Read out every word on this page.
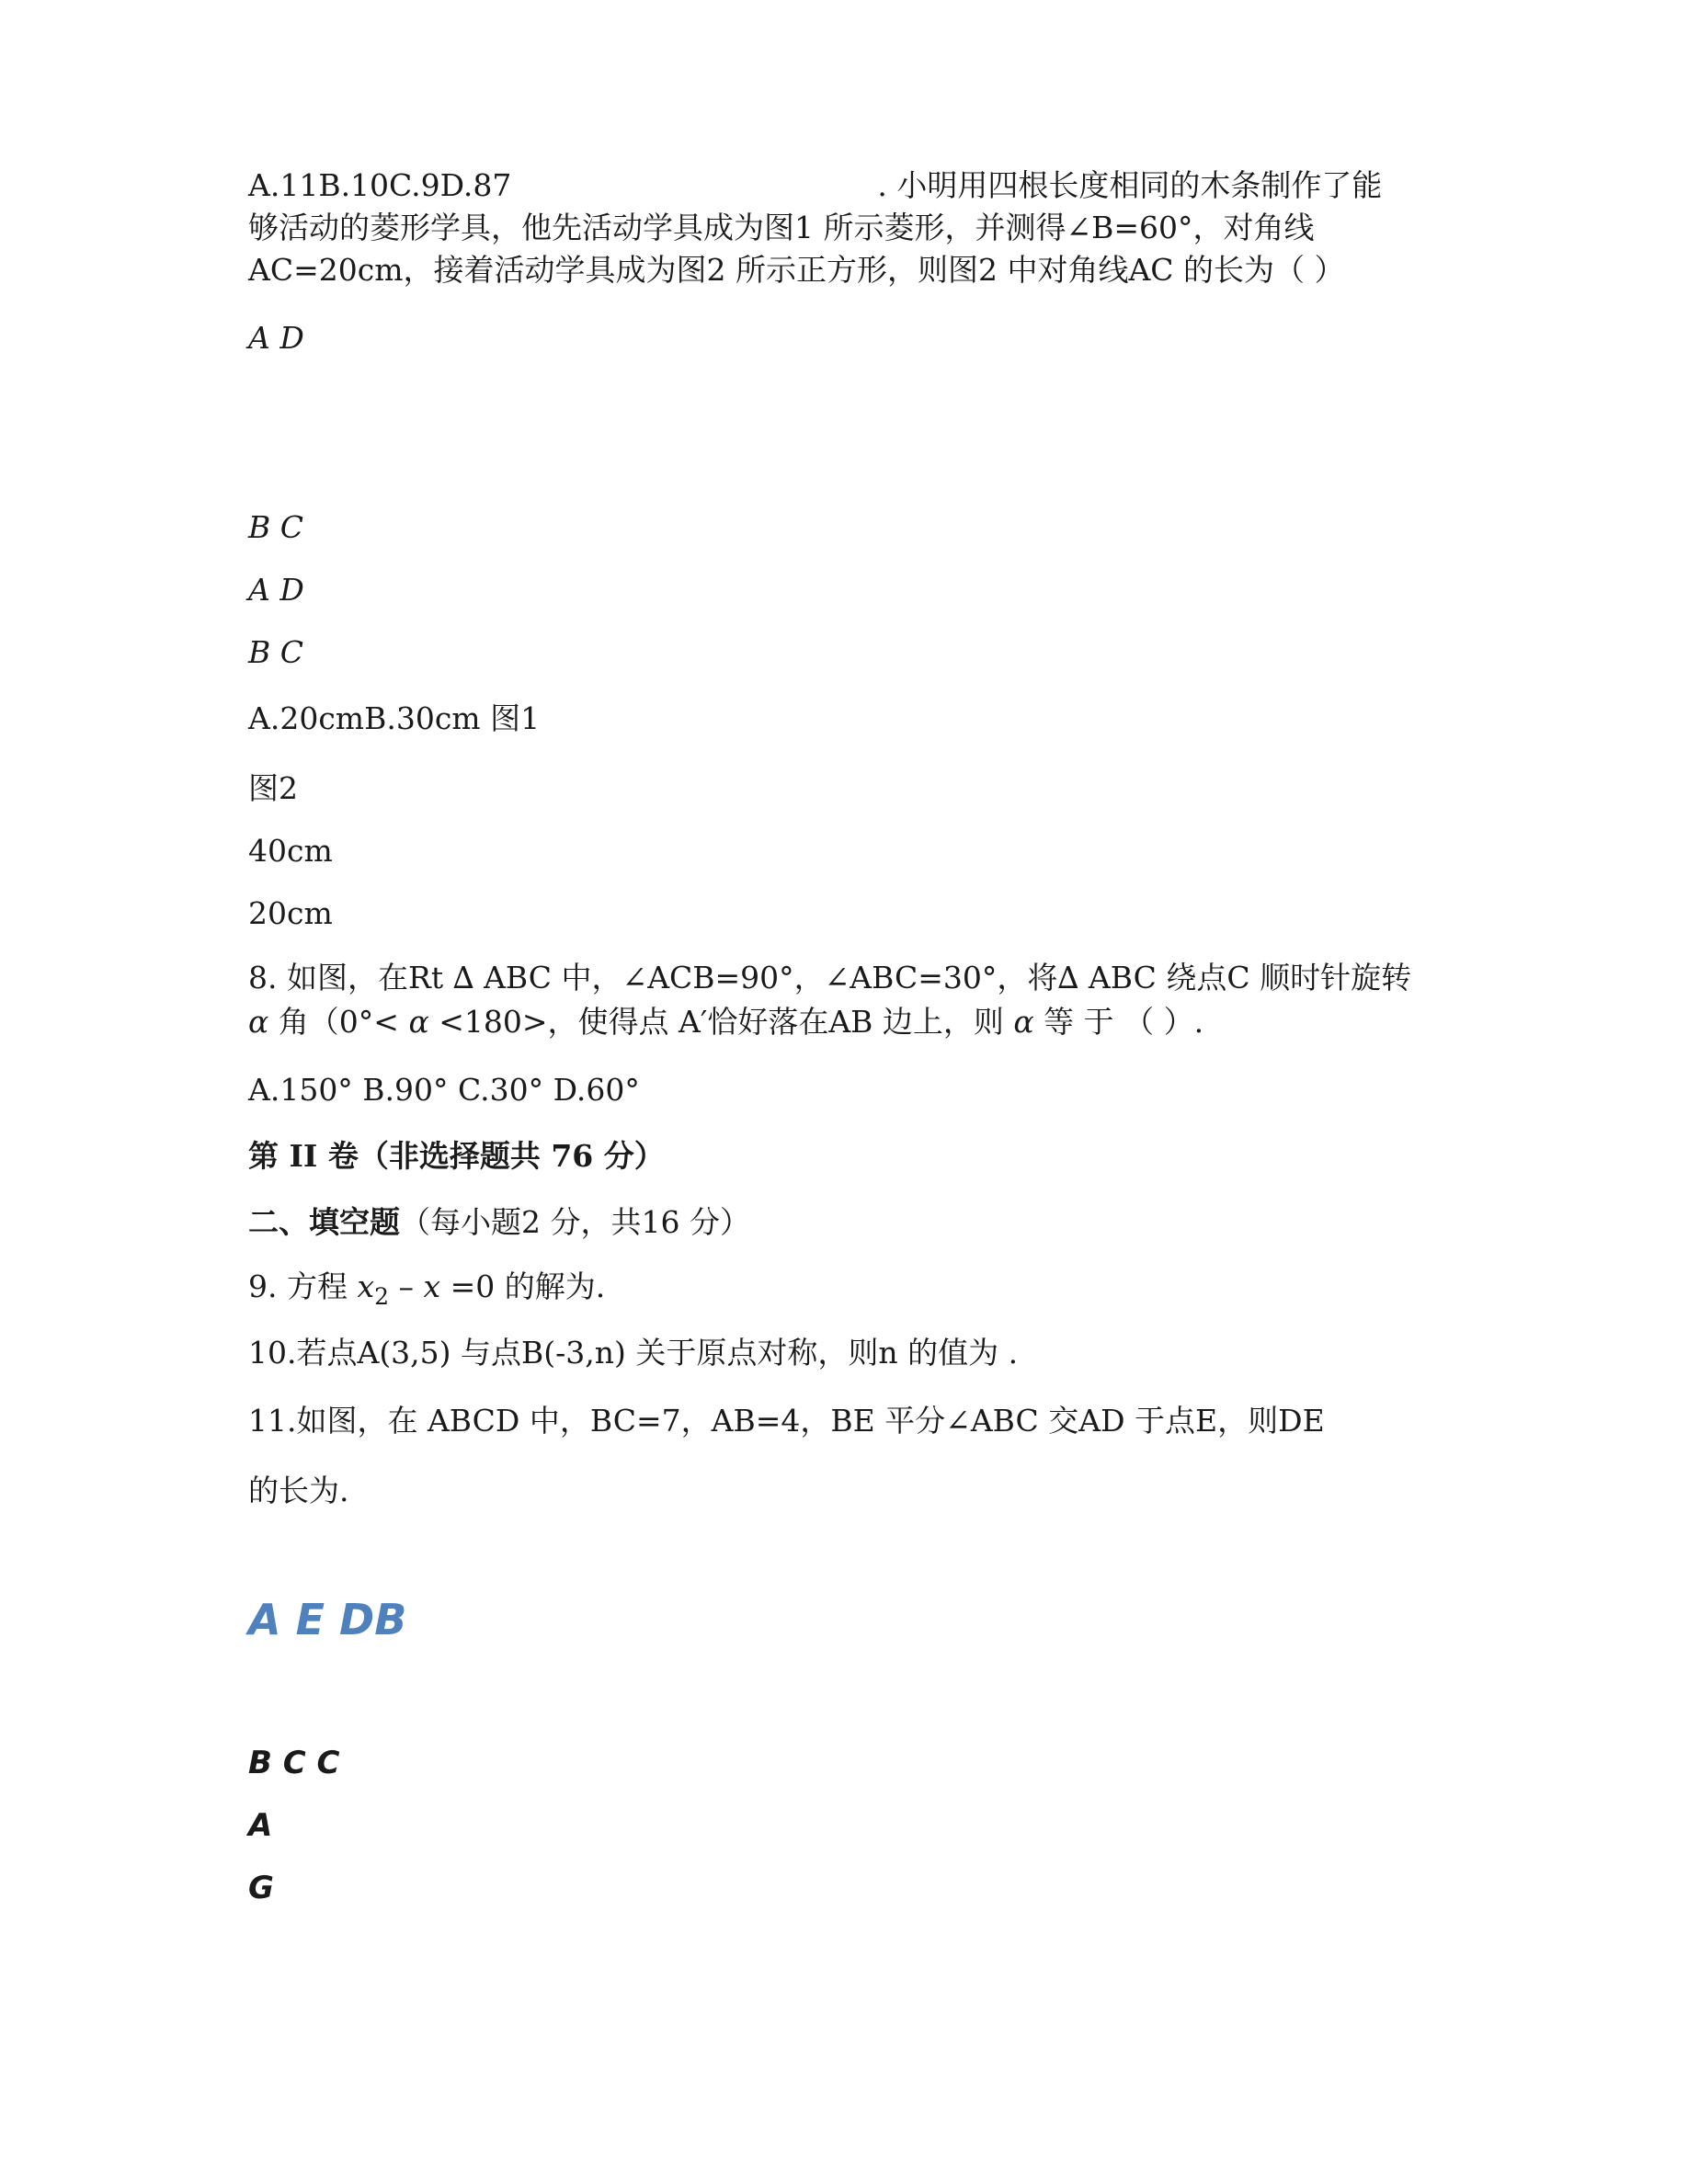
A.11B.10C.9D.87	. 小明用四根长度相同的木条制作了能
够活动的菱形学具，他先活动学具成为图1 所示菱形，并测得∠B=60°，对角线
AC=20cm，接着活动学具成为图2 所示正方形，则图2 中对角线AC 的长为（ ）
A D
B C
A D
B C
A.20cmB.30cm 图1
图2
40cm
20cm
8. 如图，在Rt ∆ ABC 中，∠ACB=90°，∠ABC=30°，将∆ ABC 绕点C 顺时针旋转
α 角（0°< α <180>，使得点 A′恰好落在AB 边上，则 α 等 于 （ ）.
A.150° B.90° C.30° D.60°
第 II 卷（非选择题共 76 分）
二、填空题（每小题2 分，共16 分）
9. 方程 $x_2 - x =0$ 的解为.
10.若点A(3,5) 与点B(-3,n) 关于原点对称，则n 的值为 .
11.如图，在 ABCD 中，BC=7，AB=4，BE 平分∠ABC 交AD 于点E，则DE
的长为.
A E DB
B C C
A
G
